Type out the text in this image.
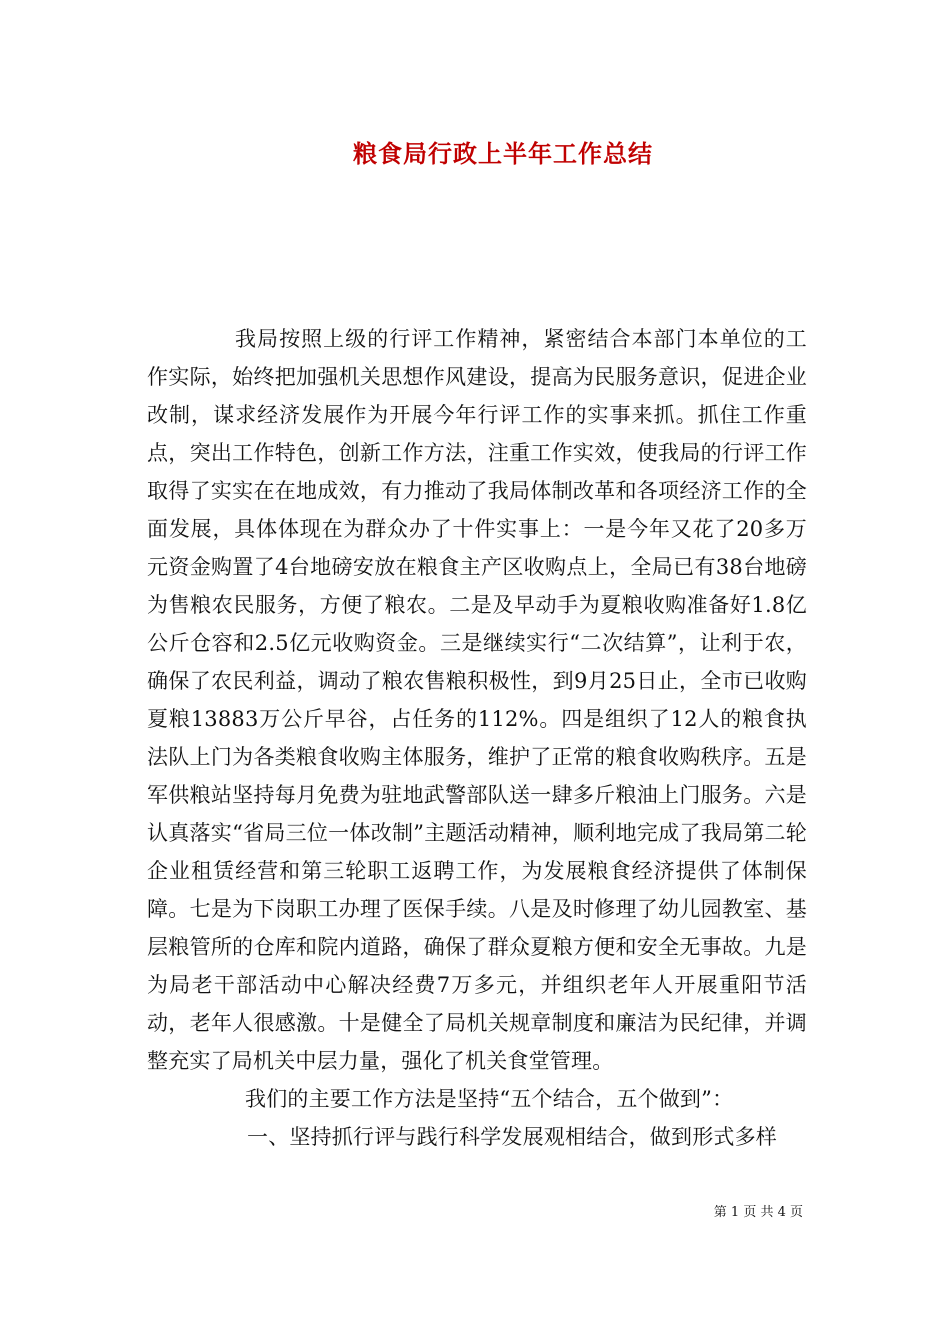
粮食局行政上半年工作总结

我局按照上级的行评工作精神，紧密结合本部门本单位的工作实际，始终把加强机关思想作风建设，提高为民服务意识，促进企业改制，谋求经济发展作为开展今年行评工作的实事来抓。抓住工作重点，突出工作特色，创新工作方法，注重工作实效，使我局的行评工作取得了实实在在地成效，有力推动了我局体制改革和各项经济工作的全面发展，具体体现在为群众办了十件实事上：一是今年又花了20多万元资金购置了4台地磅安放在粮食主产区收购点上，全局已有38台地磅为售粮农民服务，方便了粮农。二是及早动手为夏粮收购准备好1.8亿公斤仓容和2.5亿元收购资金。三是继续实行“二次结算”，让利于农，确保了农民利益，调动了粮农售粮积极性，到9月25日止，全市已收购夏粮13883万公斤早谷，占任务的112%。四是组织了12人的粮食执法队上门为各类粮食收购主体服务，维护了正常的粮食收购秩序。五是军供粮站坚持每月免费为驻地武警部队送一肆多斤粮油上门服务。六是认真落实“省局三位一体改制”主题活动精神，顺利地完成了我局第二轮企业租赁经营和第三轮职工返聘工作，为发展粮食经济提供了体制保障。七是为下岗职工办理了医保手续。八是及时修理了幼儿园教室、基层粮管所的仓库和院内道路，确保了群众夏粮方便和安全无事故。九是为局老干部活动中心解决经费7万多元，并组织老年人开展重阳节活动，老年人很感激。十是健全了局机关规章制度和廉洁为民纪律，并调整充实了局机关中层力量，强化了机关食堂管理。

我们的主要工作方法是坚持“五个结合，五个做到”：

一、坚持抓行评与践行科学发展观相结合，做到形式多样

第 1 页 共 4 页
